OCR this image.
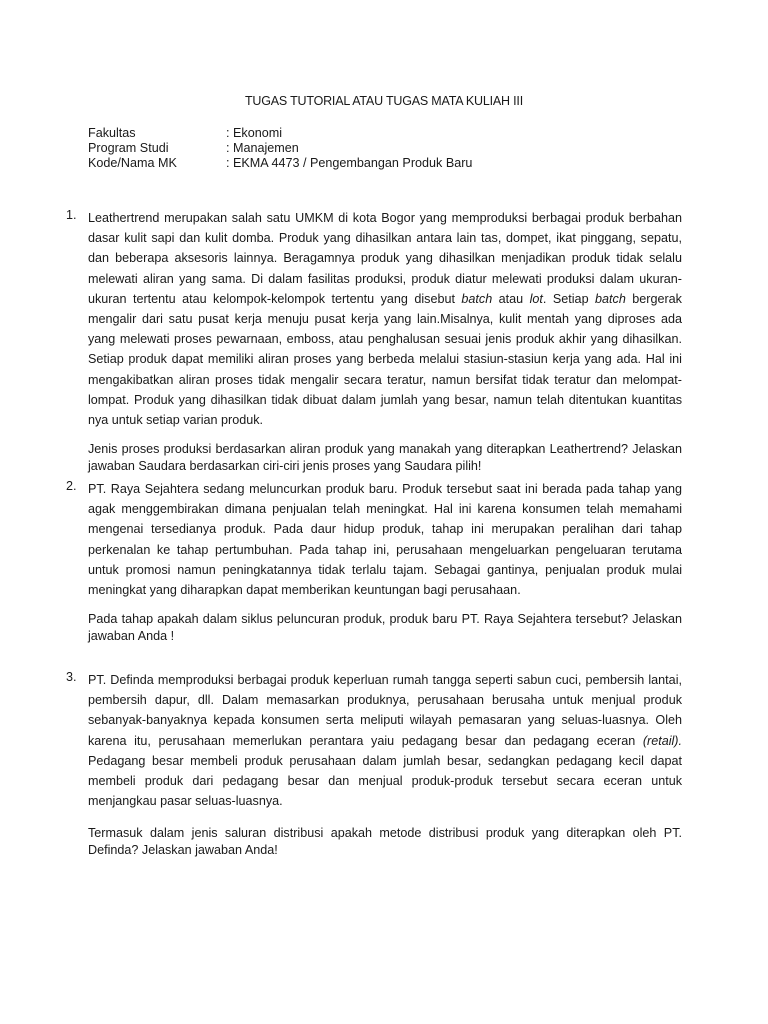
TUGAS TUTORIAL ATAU TUGAS MATA KULIAH III
Fakultas	: Ekonomi
Program Studi	: Manajemen
Kode/Nama MK	: EKMA 4473 / Pengembangan Produk Baru
1. Leathertrend merupakan salah satu UMKM di kota Bogor yang memproduksi berbagai produk berbahan dasar kulit sapi dan kulit domba. Produk yang dihasilkan antara lain tas, dompet, ikat pinggang, sepatu, dan beberapa aksesoris lainnya. Beragamnya produk yang dihasilkan menjadikan produk tidak selalu melewati aliran yang sama. Di dalam fasilitas produksi, produk diatur melewati produksi dalam ukuran-ukuran tertentu atau kelompok-kelompok tertentu yang disebut batch atau lot. Setiap batch bergerak mengalir dari satu pusat kerja menuju pusat kerja yang lain.Misalnya, kulit mentah yang diproses ada yang melewati proses pewarnaan, emboss, atau penghalusan sesuai jenis produk akhir yang dihasilkan. Setiap produk dapat memiliki aliran proses yang berbeda melalui stasiun-stasiun kerja yang ada. Hal ini mengakibatkan aliran proses tidak mengalir secara teratur, namun bersifat tidak teratur dan melompat-lompat. Produk yang dihasilkan tidak dibuat dalam jumlah yang besar, namun telah ditentukan kuantitas nya untuk setiap varian produk.

Jenis proses produksi berdasarkan aliran produk yang manakah yang diterapkan Leathertrend? Jelaskan jawaban Saudara berdasarkan ciri-ciri jenis proses yang Saudara pilih!

2. PT. Raya Sejahtera sedang meluncurkan produk baru. Produk tersebut saat ini berada pada tahap yang agak menggembirakan dimana penjualan telah meningkat. Hal ini karena konsumen telah memahami mengenai tersedianya produk. Pada daur hidup produk, tahap ini merupakan peralihan dari tahap perkenalan ke tahap pertumbuhan. Pada tahap ini, perusahaan mengeluarkan pengeluaran terutama untuk promosi namun peningkatannya tidak terlalu tajam. Sebagai gantinya, penjualan produk mulai meningkat yang diharapkan dapat memberikan keuntungan bagi perusahaan.

Pada tahap apakah dalam siklus peluncuran produk, produk baru PT. Raya Sejahtera tersebut? Jelaskan jawaban Anda !

3. PT. Definda memproduksi berbagai produk keperluan rumah tangga seperti sabun cuci, pembersih lantai, pembersih dapur, dll. Dalam memasarkan produknya, perusahaan berusaha untuk menjual produk sebanyak-banyaknya kepada konsumen serta meliputi wilayah pemasaran yang seluas-luasnya. Oleh karena itu, perusahaan memerlukan perantara yaiu pedagang besar dan pedagang eceran (retail). Pedagang besar membeli produk perusahaan dalam jumlah besar, sedangkan pedagang kecil dapat membeli produk dari pedagang besar dan menjual produk-produk tersebut secara eceran untuk menjangkau pasar seluas-luasnya.

Termasuk dalam jenis saluran distribusi apakah metode distribusi produk yang diterapkan oleh PT. Definda? Jelaskan jawaban Anda!
